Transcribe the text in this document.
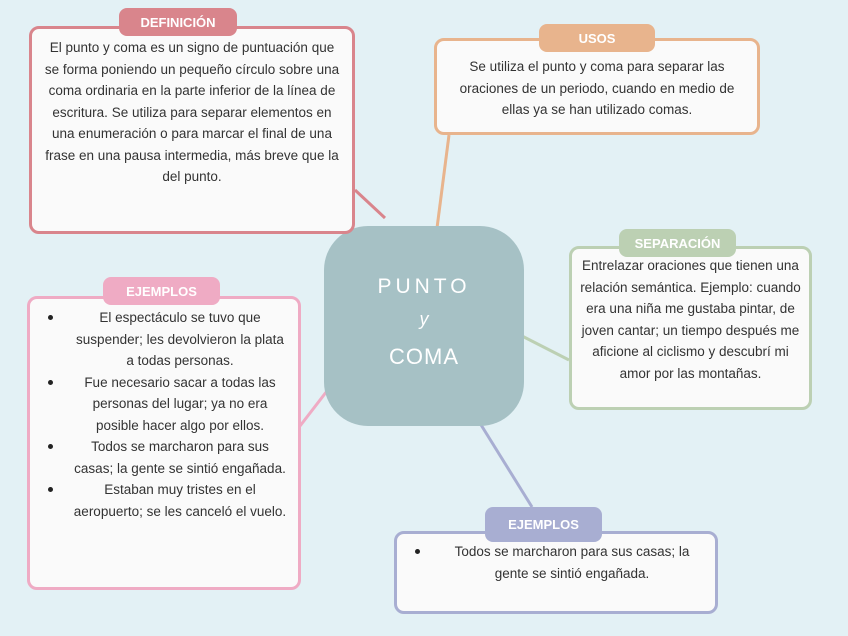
PUNTO
y
COMA

El punto y coma es un signo de puntuación que se forma poniendo un pequeño círculo sobre una coma ordinaria en la parte inferior de la línea de escritura. Se utiliza para separar elementos en una enumeración o para marcar el final de una frase en una pausa intermedia, más breve que la del punto.

DEFINICIÓN

Se utiliza el punto y coma para separar las oraciones de un periodo, cuando en medio de ellas ya se han utilizado comas.

USOS

Entrelazar oraciones que tienen una relación semántica. Ejemplo: cuando era una niña me gustaba pintar, de joven cantar; un tiempo después me aficione al ciclismo y descubrí mi amor por las montañas.

SEPARACIÓN
El espectáculo se tuvo que suspender; les devolvieron la plata a todas personas.
Fue necesario sacar a todas las personas del lugar; ya no era posible hacer algo por ellos.
Todos se marcharon para sus casas; la gente se sintió engañada.
Estaban muy tristes en el aeropuerto; se les canceló el vuelo.
EJEMPLOS
Todos se marcharon para sus casas; la gente se sintió engañada.
EJEMPLOS
